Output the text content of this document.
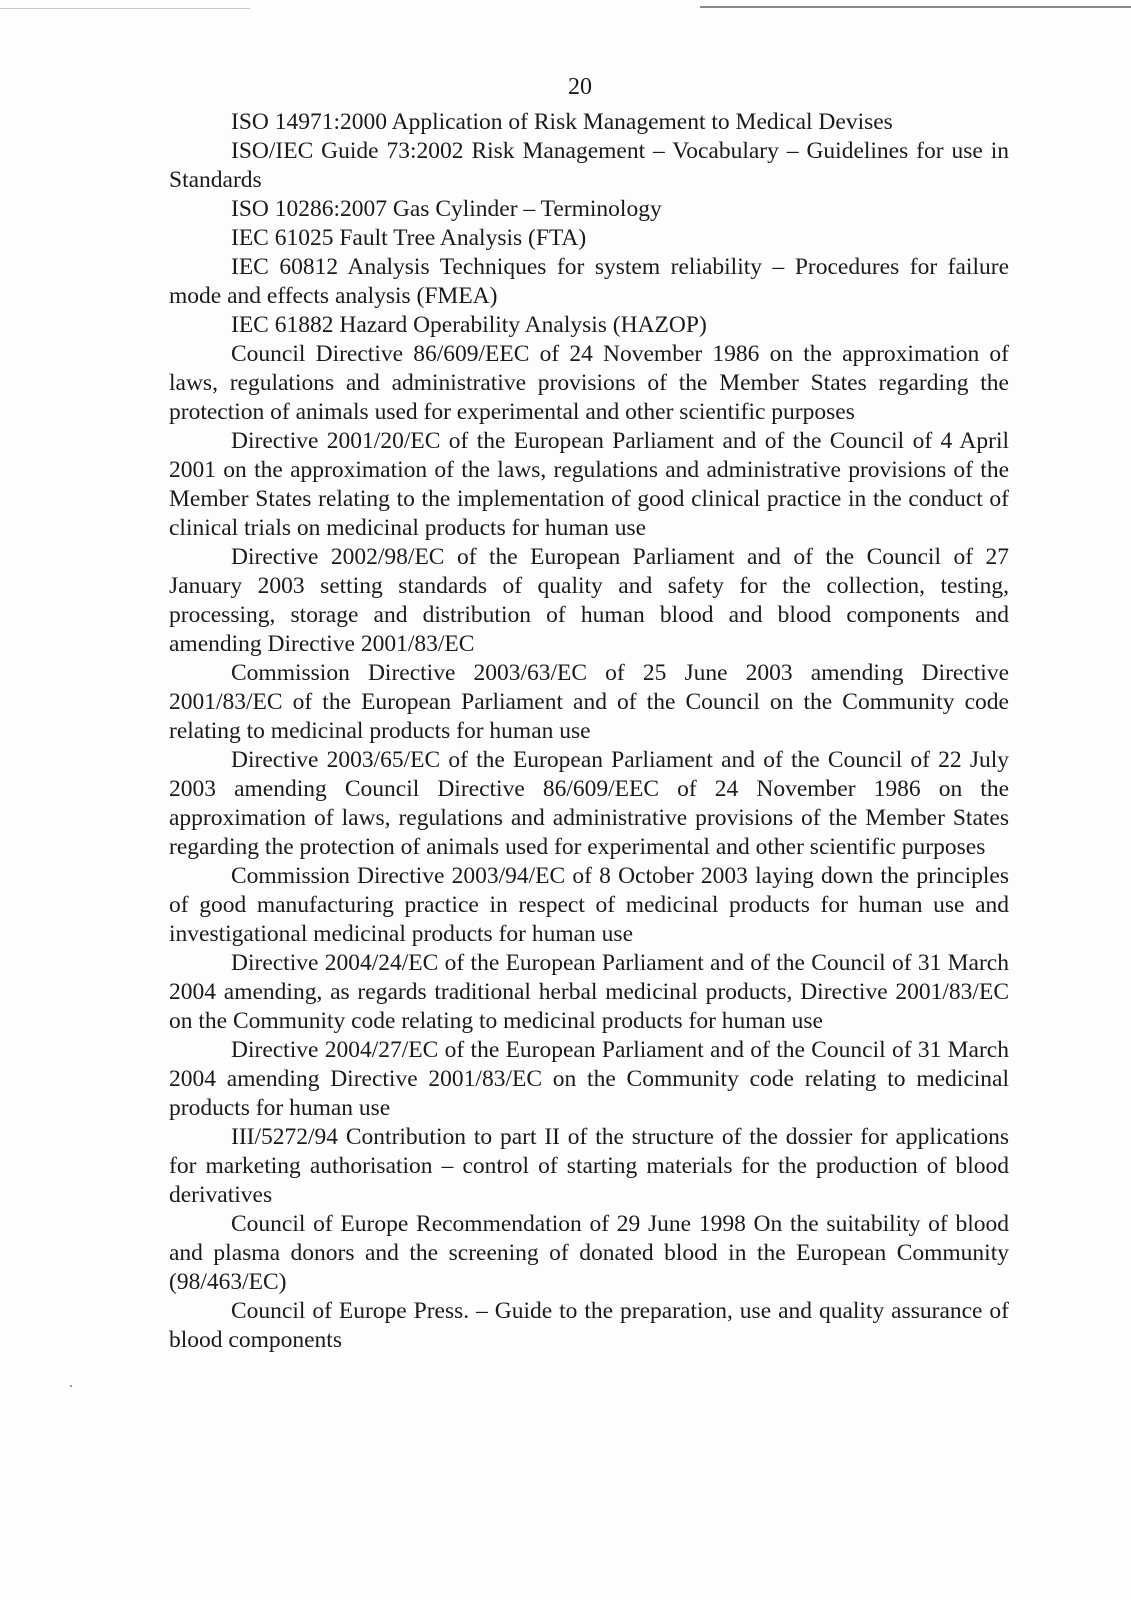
20

ISO 14971:2000 Application of Risk Management to Medical Devises

ISO/IEC Guide 73:2002 Risk Management – Vocabulary – Guidelines for use in Standards

ISO 10286:2007 Gas Cylinder – Terminology

IEC 61025 Fault Tree Analysis (FTA)

IEC 60812 Analysis Techniques for system reliability – Procedures for failure mode and effects analysis (FMEA)

IEC 61882 Hazard Operability Analysis (HAZOP)

Council Directive 86/609/EEC of 24 November 1986 on the approximation of laws, regulations and administrative provisions of the Member States regarding the protection of animals used for experimental and other scientific purposes

Directive 2001/20/EC of the European Parliament and of the Council of 4 April 2001 on the approximation of the laws, regulations and administrative provisions of the Member States relating to the implementation of good clinical practice in the conduct of clinical trials on medicinal products for human use

Directive 2002/98/EC of the European Parliament and of the Council of 27 January 2003 setting standards of quality and safety for the collection, testing, processing, storage and distribution of human blood and blood components and amending Directive 2001/83/EC

Commission Directive 2003/63/EC of 25 June 2003 amending Directive 2001/83/EC of the European Parliament and of the Council on the Community code relating to medicinal products for human use

Directive 2003/65/EC of the European Parliament and of the Council of 22 July 2003 amending Council Directive 86/609/EEC of 24 November 1986 on the approximation of laws, regulations and administrative provisions of the Member States regarding the protection of animals used for experimental and other scientific purposes

Commission Directive 2003/94/EC of 8 October 2003 laying down the principles of good manufacturing practice in respect of medicinal products for human use and investigational medicinal products for human use

Directive 2004/24/EC of the European Parliament and of the Council of 31 March 2004 amending, as regards traditional herbal medicinal products, Directive 2001/83/EC on the Community code relating to medicinal products for human use

Directive 2004/27/EC of the European Parliament and of the Council of 31 March 2004 amending Directive 2001/83/EC on the Community code relating to medicinal products for human use

III/5272/94 Contribution to part II of the structure of the dossier for applications for marketing authorisation – control of starting materials for the production of blood derivatives

Council of Europe Recommendation of 29 June 1998 On the suitability of blood and plasma donors and the screening of donated blood in the European Community (98/463/EC)

Council of Europe Press. – Guide to the preparation, use and quality assurance of blood components
